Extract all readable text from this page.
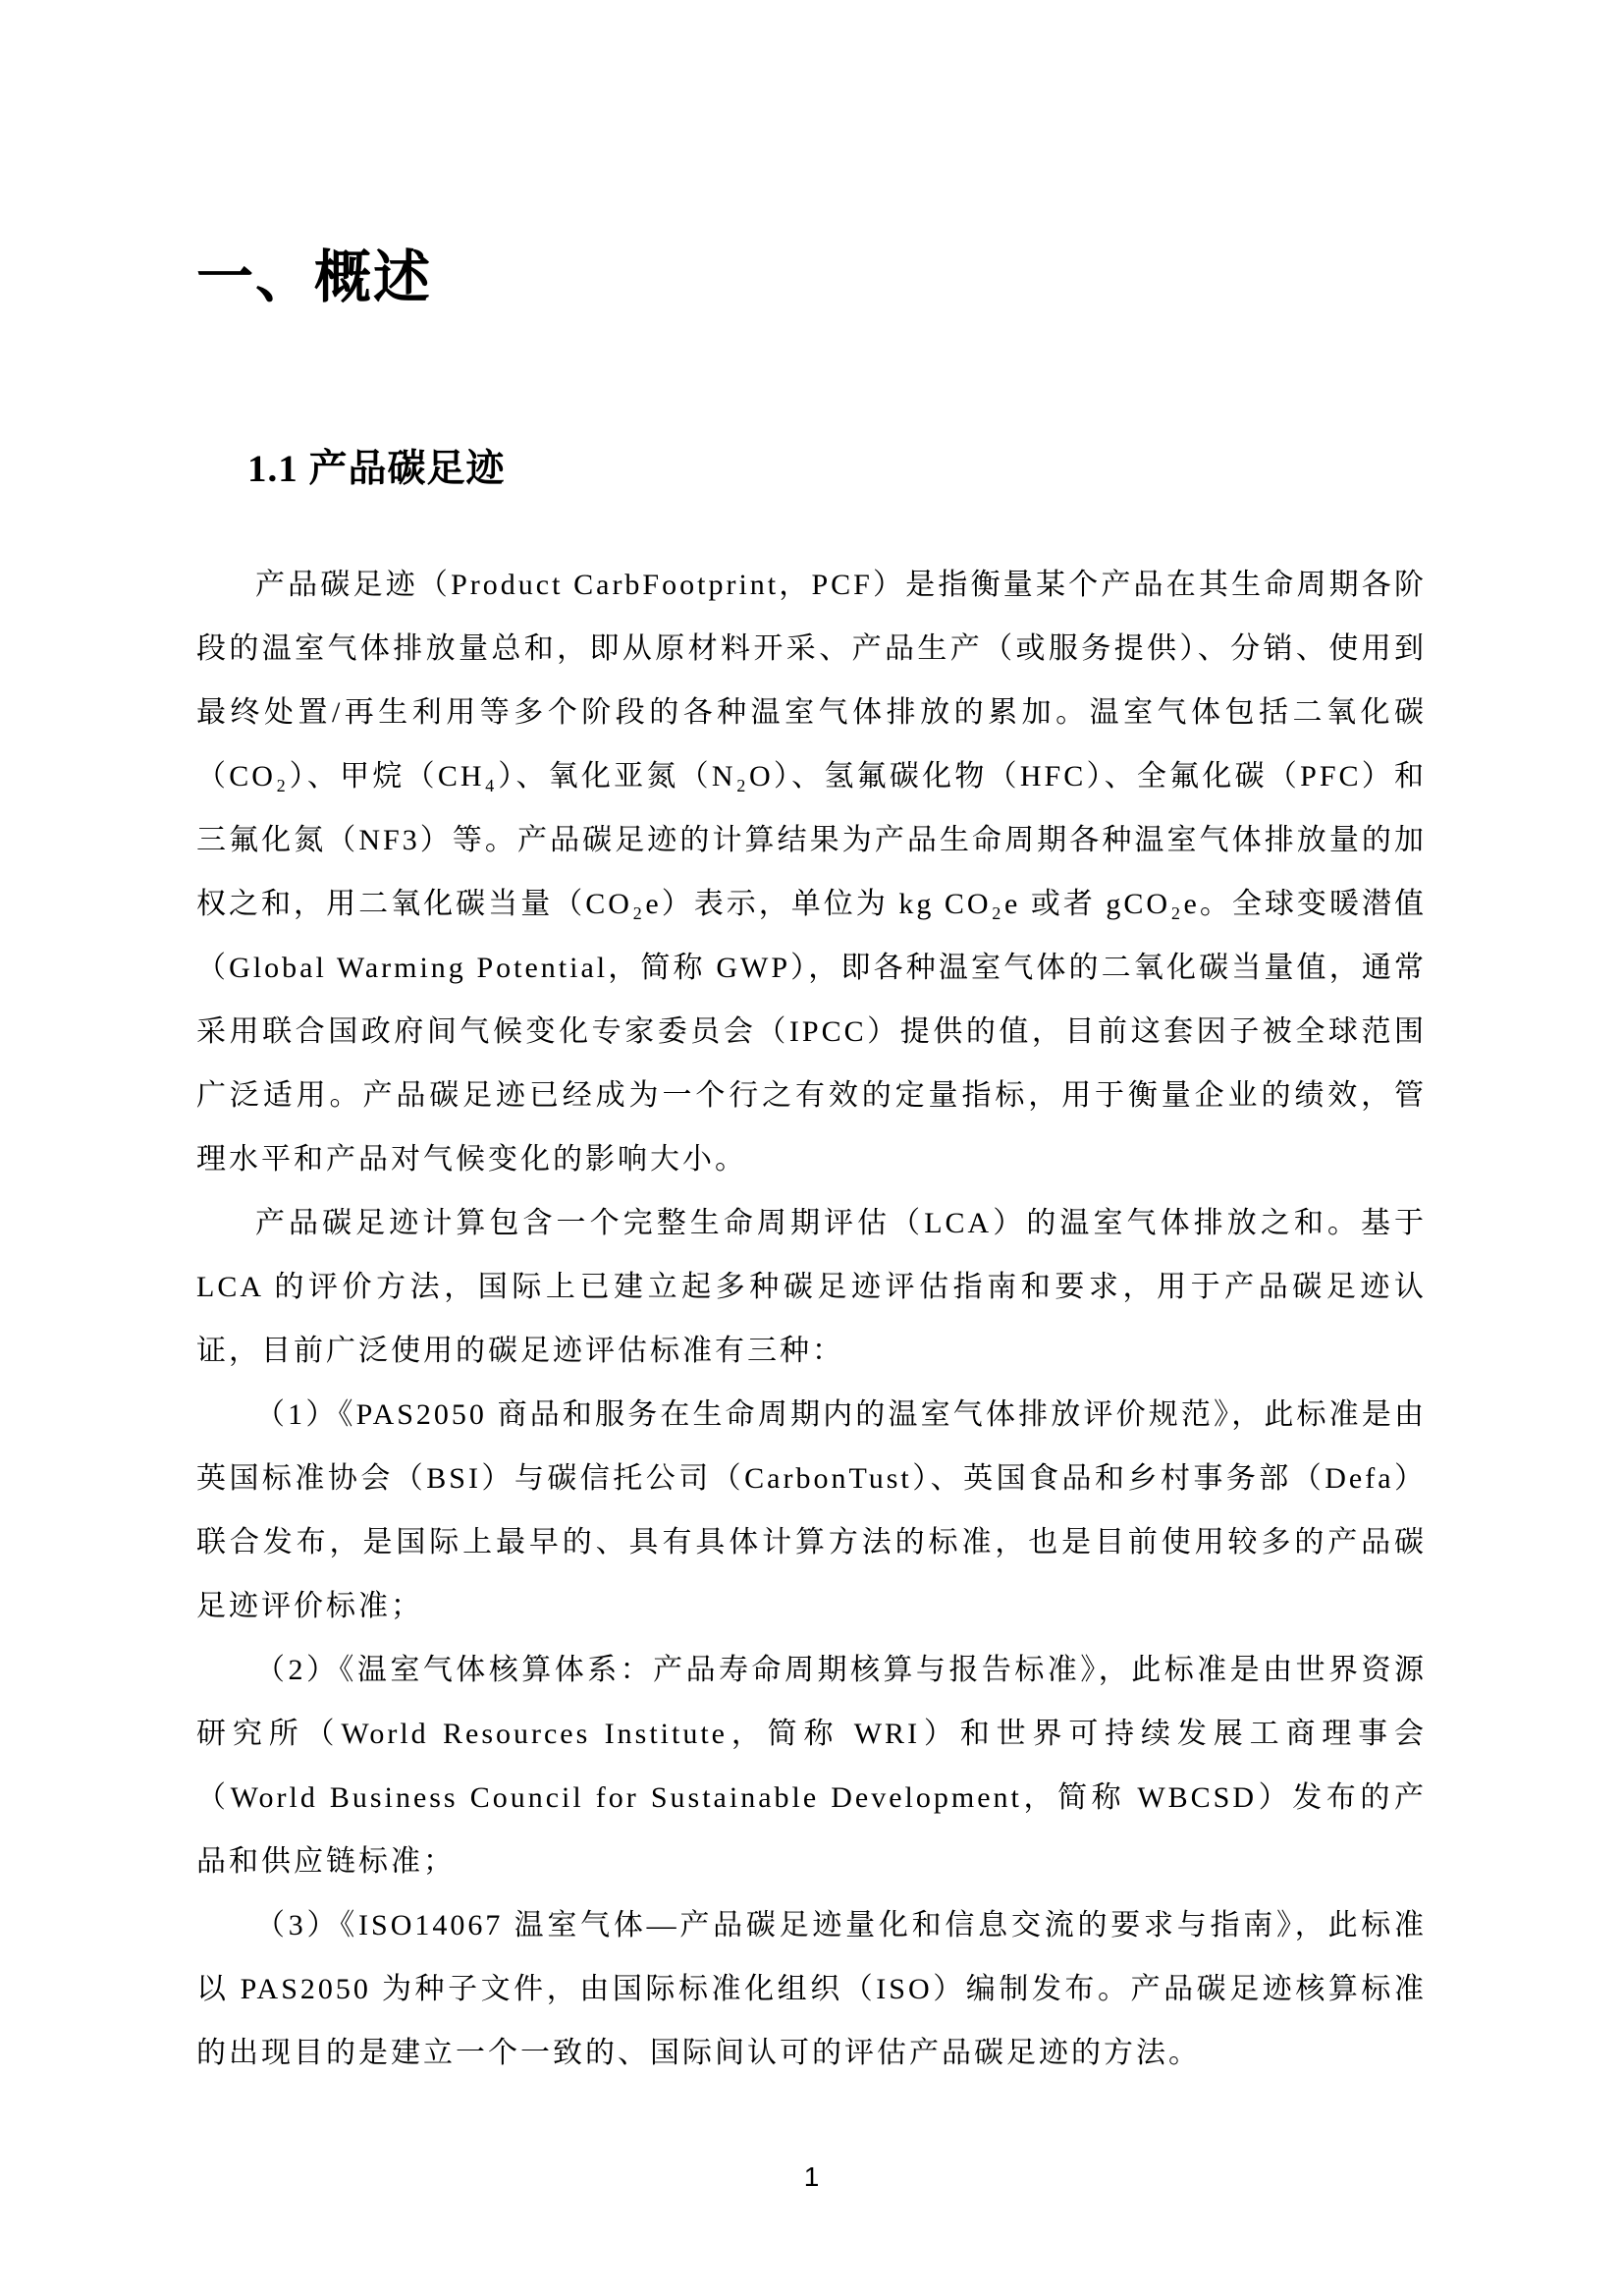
一、概述
1.1 产品碳足迹

产品碳足迹（Product CarbFootprint，PCF）是指衡量某个产品在其生命周期各阶段的温室气体排放量总和，即从原材料开采、产品生产（或服务提供）、分销、使用到最终处置/再生利用等多个阶段的各种温室气体排放的累加。温室气体包括二氧化碳（CO₂）、甲烷（CH₄）、氧化亚氮（N₂O）、氢氟碳化物（HFC）、全氟化碳（PFC）和三氟化氮（NF3）等。产品碳足迹的计算结果为产品生命周期各种温室气体排放量的加权之和，用二氧化碳当量（CO₂e）表示，单位为 kg CO₂e 或者 gCO₂e。全球变暖潜值（Global Warming Potential，简称 GWP），即各种温室气体的二氧化碳当量值，通常采用联合国政府间气候变化专家委员会（IPCC）提供的值，目前这套因子被全球范围广泛适用。产品碳足迹已经成为一个行之有效的定量指标，用于衡量企业的绩效，管理水平和产品对气候变化的影响大小。

产品碳足迹计算包含一个完整生命周期评估（LCA）的温室气体排放之和。基于 LCA 的评价方法，国际上已建立起多种碳足迹评估指南和要求，用于产品碳足迹认证，目前广泛使用的碳足迹评估标准有三种：

（1）《PAS2050 商品和服务在生命周期内的温室气体排放评价规范》，此标准是由英国标准协会（BSI）与碳信托公司（CarbonTust）、英国食品和乡村事务部（Defa）联合发布，是国际上最早的、具有具体计算方法的标准，也是目前使用较多的产品碳足迹评价标准；

（2）《温室气体核算体系：产品寿命周期核算与报告标准》，此标准是由世界资源研究所（World Resources Institute，简称 WRI）和世界可持续发展工商理事会（World Business Council for Sustainable Development，简称 WBCSD）发布的产品和供应链标准；

（3）《ISO14067 温室气体—产品碳足迹量化和信息交流的要求与指南》，此标准以 PAS2050 为种子文件，由国际标准化组织（ISO）编制发布。产品碳足迹核算标准的出现目的是建立一个一致的、国际间认可的评估产品碳足迹的方法。

1
